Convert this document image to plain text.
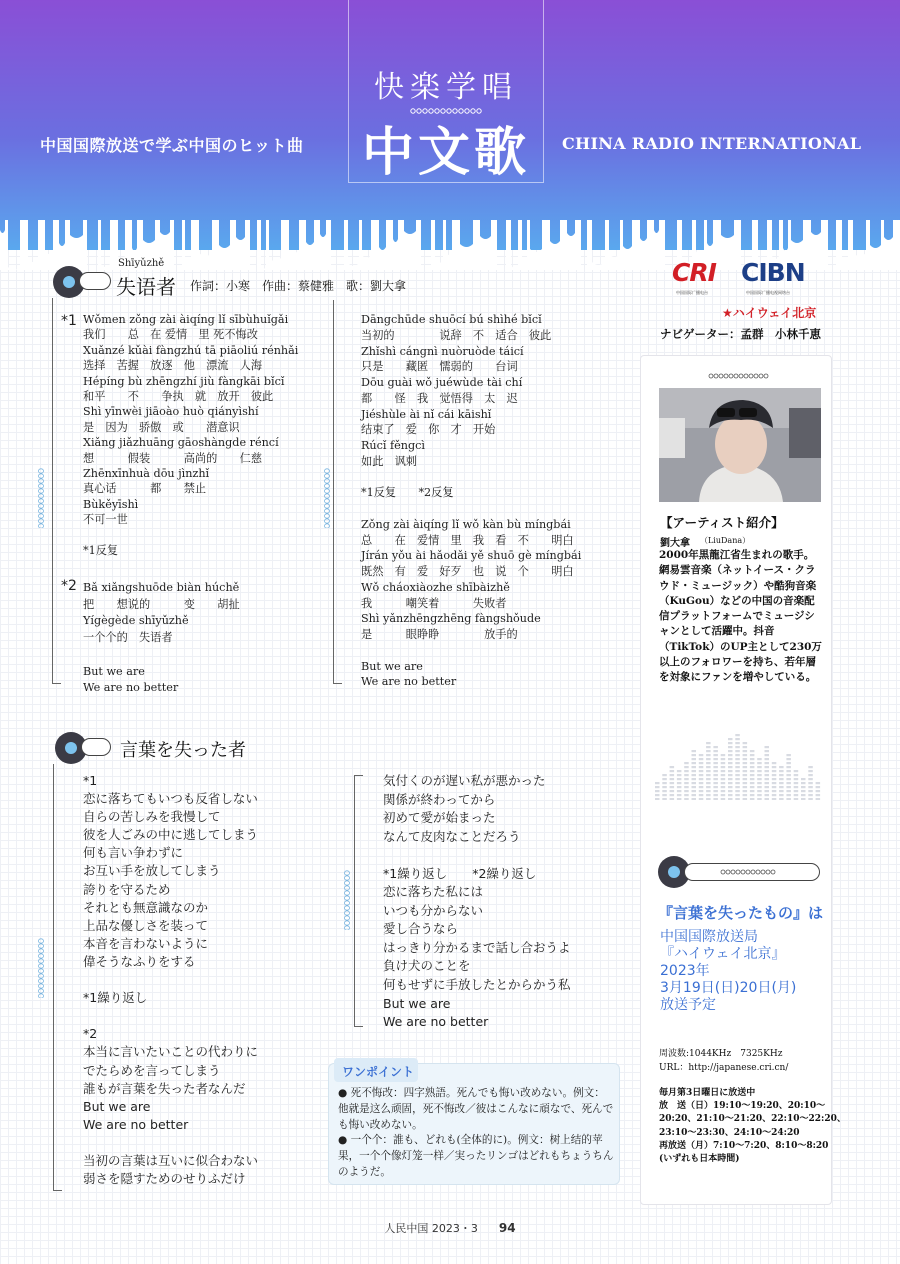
快楽学唱
中文歌
中国国際放送で学ぶ中国のヒット曲	CHINA RADIO INTERNATIONAL
Shīyǔzhě
失语者 作詞：小寒　作曲：蔡健雅　歌：劉大拿
*1
*2
Wǒmen zǒng zài àiqíng lǐ sībùhuǐgǎi
我们　　总　在 爱情　里 死不悔改
Xuǎnzé kǔài fàngzhú tā piāoliú rénhǎi
选择　苦握　放逐　他　漂流　人海
Hépíng bù zhēngzhí jiù fàngkāi bǐcǐ
和平　　不　　争执　就　放开　彼此
Shì yīnwèi jiāoào huò qiányìshí
是　因为　骄傲　或　　潜意识
Xiǎng jiǎzhuāng gāoshàngde réncí
想　　　假装　　　高尚的　　仁慈
Zhēnxīnhuà dōu jìnzhǐ
真心话　　　都　　禁止
Bùkěyīshì
不可一世

*1反复
Bǎ xiǎngshuōde biàn húchě
把　　想说的　　　变　　胡扯
Yígègède shīyǔzhě
一个个的　失语者

But we are
We are no better
Dāngchūde shuōcí bú shìhé bǐcǐ
当初的　　　　说辞　不　适合　彼此
Zhǐshì cángnì nuòruòde táicí
只是　　藏匿　懦弱的　　台词
Dōu guài wǒ juéwùde tài chí
都　　怪　我　觉悟得　太　迟
Jiéshùle ài nǐ cái kāishǐ
结束了　爱　你　才　开始
Rúcǐ fěngcì
如此　讽刺

*1反复　　*2反复

Zǒng zài àiqíng lǐ wǒ kàn bù míngbái
总　　在　爱情　里　我　看　不　　明白
Jírán yǒu ài hǎodǎi yě shuō gè míngbái
既然　有　爱　好歹　也　说　个　　明白
Wǒ cháoxiàozhe shībàizhě
我　　　嘲笑着　　　失败者
Shì yǎnzhēngzhēng fàngshǒude
是　　　眼睁睁　　　　放手的

But we are
We are no better
言葉を失った者
*1
恋に落ちてもいつも反省しない
自らの苦しみを我慢して
彼を人ごみの中に逃してしまう
何も言い争わずに
お互い手を放してしまう
誇りを守るため
それとも無意識なのか
上品な優しさを装って
本音を言わないように
偉そうなふりをする

*1繰り返し

*2
本当に言いたいことの代わりに
でたらめを言ってしまう
誰もが言葉を失った者なんだ
But we are
We are no better

当初の言葉は互いに似合わない
弱さを隠すためのせりふだけ
気付くのが遅い私が悪かった
関係が終わってから
初めて愛が始まった
なんて皮肉なことだろう

*1繰り返し　　*2繰り返し
恋に落ちた私には
いつも分からない
愛し合うなら
はっきり分かるまで話し合おうよ
負け犬のことを
何もせずに手放したとからかう私
But we are
We are no better
ワンポイント
● 死不悔改：四字熟語。死んでも悔い改めない。例文：他就是这么顽固，死不悔改／彼はこんなに頑なで、死んでも悔い改めない。
● 一个个：誰も、どれも(全体的に)。例文：树上结的苹果，一个个像灯笼一样／実ったリンゴはどれもちょうちんのようだ。
CRI CIBN
中国国际广播电台	中国国际广播电视网络台
★ハイウェイ北京
ナビゲーター：孟群　小林千恵
【アーティスト紹介】
劉大拿 （LiuDana）
2000年黒龍江省生まれの歌手。網易雲音楽（ネットイース・クラウド・ミュージック）や酷狗音楽（KuGou）などの中国の音楽配信プラットフォームでミュージシャンとして活躍中。抖音（TikTok）のUP主として230万以上のフォロワーを持ち、若年層を対象にファンを増やしている。
『言葉を失ったもの』は
中国国際放送局
『ハイウェイ北京』
2023年
3月19日(日)20日(月)
放送予定
周波数:1044KHz　7325KHz
URL：http://japanese.cri.cn/
毎月第3日曜日に放送中
放　送（日）19:10～19:20、20:10～
20:20、21:10～21:20、22:10～22:20、
23:10～23:30、24:10～24:20
再放送（月）7:10～7:20、8:10～8:20
(いずれも日本時間)
人民中国 2023・3 94
